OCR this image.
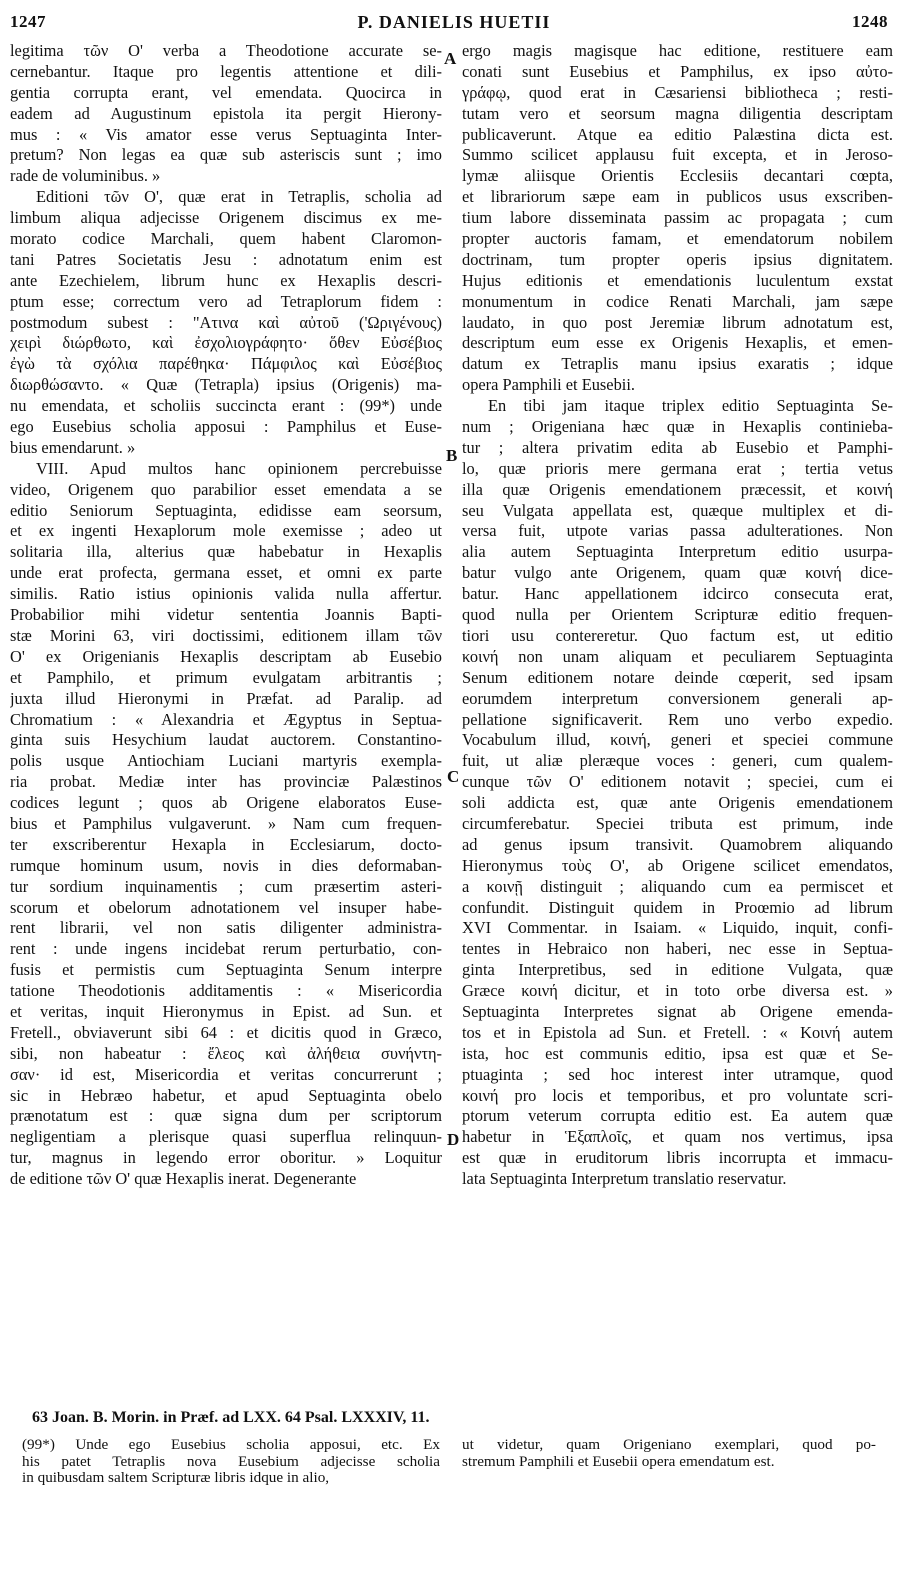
1247	P. DANIELIS HUETII	1248
A
B
C
D
legitima τῶν Ο' verba a Theodotione accurate se-
cernebantur. Itaque pro legentis attentione et dili-
gentia corrupta erant, vel emendata. Quocirca in
eadem ad Augustinum epistola ita pergit Hierony-
mus : « Vis amator esse verus Septuaginta Inter-
pretum? Non legas ea quæ sub asteriscis sunt ; imo
rade de voluminibus. »
Editioni τῶν Ο', quæ erat in Tetraplis, scholia ad
limbum aliqua adjecisse Origenem discimus ex me-
morato codice Marchali, quem habent Claromon-
tani Patres Societatis Jesu : adnotatum enim est
ante Ezechielem, librum hunc ex Hexaplis descri-
ptum esse; correctum vero ad Tetraplorum fidem :
postmodum subest : "Ατινα καὶ αὐτοῦ ('Ωριγένους)
χειρὶ διώρθωτο, καὶ ἐσχολιογράφητο· ὅθεν Εὐσέβιος
ἐγὼ τὰ σχόλια παρέθηκα· Πάμφιλος καὶ Εὐσέβιος
διωρθώσαντο. « Quæ (Tetrapla) ipsius (Origenis) ma-
nu emendata, et scholiis succincta erant : (99*) unde
ego Eusebius scholia apposui : Pamphilus et Euse-
bius emendarunt. »
VIII. Apud multos hanc opinionem percrebuisse
video, Origenem quo parabilior esset emendata a se
editio Seniorum Septuaginta, edidisse eam seorsum,
et ex ingenti Hexaplorum mole exemisse ; adeo ut
solitaria illa, alterius quæ habebatur in Hexaplis
unde erat profecta, germana esset, et omni ex parte
similis. Ratio istius opinionis valida nulla affertur.
Probabilior mihi videtur sententia Joannis Bapti-
stæ Morini 63, viri doctissimi, editionem illam τῶν
Ο' ex Origenianis Hexaplis descriptam ab Eusebio
et Pamphilo, et primum evulgatam arbitrantis ;
juxta illud Hieronymi in Præfat. ad Paralip. ad
Chromatium : « Alexandria et Ægyptus in Septua-
ginta suis Hesychium laudat auctorem. Constantino-
polis usque Antiochiam Luciani martyris exempla-
ria probat. Mediæ inter has provinciæ Palæstinos
codices legunt ; quos ab Origene elaboratos Euse-
bius et Pamphilus vulgaverunt. » Nam cum frequen-
ter exscriberentur Hexapla in Ecclesiarum, docto-
rumque hominum usum, novis in dies deformaban-
tur sordium inquinamentis ; cum præsertim asteri-
scorum et obelorum adnotationem vel insuper habe-
rent librarii, vel non satis diligenter administra-
rent : unde ingens incidebat rerum perturbatio, con-
fusis et permistis cum Septuaginta Senum interpre
tatione Theodotionis additamentis : « Misericordia
et veritas, inquit Hieronymus in Epist. ad Sun. et
Fretell., obviaverunt sibi 64 : et dicitis quod in Græco,
sibi, non habeatur : ἔλεος καὶ ἀλήθεια συνήντη-
σαν· id est, Misericordia et veritas concurrerunt ;
sic in Hebræo habetur, et apud Septuaginta obelo
prænotatum est : quæ signa dum per scriptorum
negligentiam a plerisque quasi superflua relinquun-
tur, magnus in legendo error oboritur. » Loquitur
de editione τῶν Ο' quæ Hexaplis inerat. Degenerante
ergo magis magisque hac editione, restituere eam
conati sunt Eusebius et Pamphilus, ex ipso αὐτο-
γράφῳ, quod erat in Cæsariensi bibliotheca ; resti-
tutam vero et seorsum magna diligentia descriptam
publicaverunt. Atque ea editio Palæstina dicta est.
Summo scilicet applausu fuit excepta, et in Jeroso-
lymæ aliisque Orientis Ecclesiis decantari cœpta,
et librariorum sæpe eam in publicos usus exscriben-
tium labore disseminata passim ac propagata ; cum
propter auctoris famam, et emendatorum nobilem
doctrinam, tum propter operis ipsius dignitatem.
Hujus editionis et emendationis luculentum exstat
monumentum in codice Renati Marchali, jam sæpe
laudato, in quo post Jeremiæ librum adnotatum est,
descriptum eum esse ex Origenis Hexaplis, et emen-
datum ex Tetraplis manu ipsius exaratis ; idque
opera Pamphili et Eusebii.
En tibi jam itaque triplex editio Septuaginta Se-
num ; Origeniana hæc quæ in Hexaplis continieba-
tur ; altera privatim edita ab Eusebio et Pamphi-
lo, quæ prioris mere germana erat ; tertia vetus
illa quæ Origenis emendationem præcessit, et κοινή
seu Vulgata appellata est, quæque multiplex et di-
versa fuit, utpote varias passa adulterationes. Non
alia autem Septuaginta Interpretum editio usurpa-
batur vulgo ante Origenem, quam quæ κοινή dice-
batur. Hanc appellationem idcirco consecuta erat,
quod nulla per Orientem Scripturæ editio frequen-
tiori usu contereretur. Quo factum est, ut editio
κοινή non unam aliquam et peculiarem Septuaginta
Senum editionem notare deinde cœperit, sed ipsam
eorumdem interpretum conversionem generali ap-
pellatione significaverit. Rem uno verbo expedio.
Vocabulum illud, κοινή, generi et speciei commune
fuit, ut aliæ pleræque voces : generi, cum qualem-
cunque τῶν Ο' editionem notavit ; speciei, cum ei
soli addicta est, quæ ante Origenis emendationem
circumferebatur. Speciei tributa est primum, inde
ad genus ipsum transivit. Quamobrem aliquando
Hieronymus τοὺς Ο', ab Origene scilicet emendatos,
a κοινῇ distinguit ; aliquando cum ea permiscet et
confundit. Distinguit quidem in Proœmio ad librum
XVI Commentar. in Isaiam. « Liquido, inquit, confi-
tentes in Hebraico non haberi, nec esse in Septua-
ginta Interpretibus, sed in editione Vulgata, quæ
Græce κοινή dicitur, et in toto orbe diversa est. »
Septuaginta Interpretes signat ab Origene emenda-
tos et in Epistola ad Sun. et Fretell. : « Κοινή autem
ista, hoc est communis editio, ipsa est quæ et Se-
ptuaginta ; sed hoc interest inter utramque, quod
κοινή pro locis et temporibus, et pro voluntate scri-
ptorum veterum corrupta editio est. Ea autem quæ
habetur in Ἑξαπλοῖς, et quam nos vertimus, ipsa
est quæ in eruditorum libris incorrupta et immacu-
lata Septuaginta Interpretum translatio reservatur.
63 Joan. B. Morin. in Præf. ad LXX. 64 Psal. LXXXIV, 11.
(99*) Unde ego Eusebius scholia apposui, etc. Ex
his patet Tetraplis nova Eusebium adjecisse scholia
in quibusdam saltem Scripturæ libris idque in alio,
ut videtur, quam Origeniano exemplari, quod po-
stremum Pamphili et Eusebii opera emendatum est.
